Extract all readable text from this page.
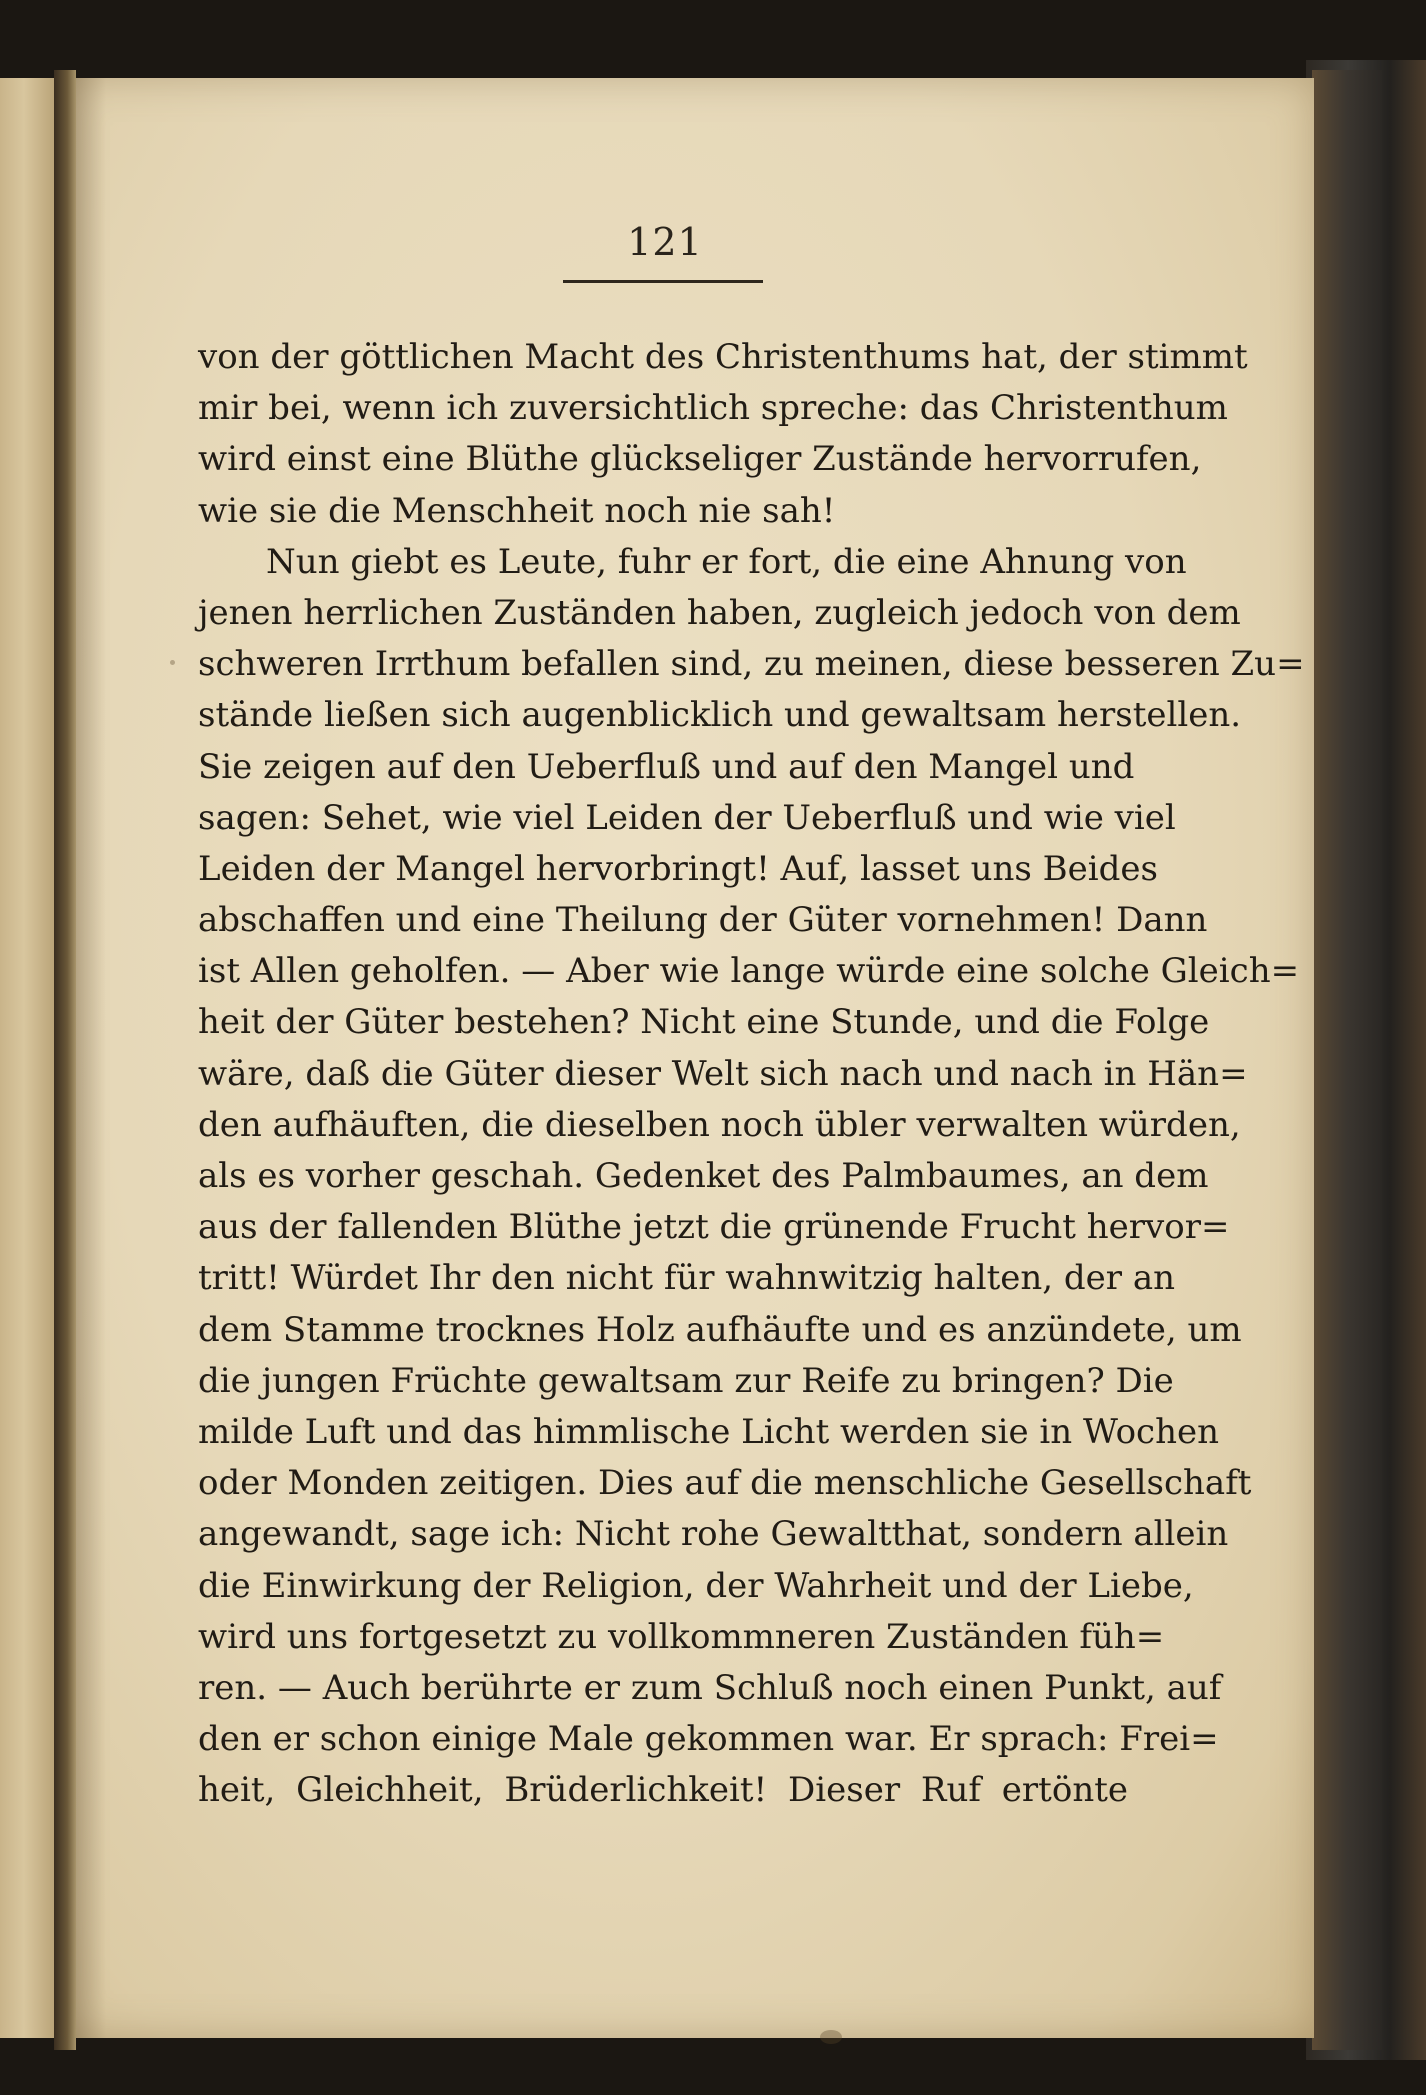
121
von der göttlichen Macht des Christenthums hat, der stimmt
mir bei, wenn ich zuversichtlich spreche: das Christenthum
wird einst eine Blüthe glückseliger Zustände hervorrufen,
wie sie die Menschheit noch nie sah!
Nun giebt es Leute, fuhr er fort, die eine Ahnung von
jenen herrlichen Zuständen haben, zugleich jedoch von dem
schweren Irrthum befallen sind, zu meinen, diese besseren Zu=
stände ließen sich augenblicklich und gewaltsam herstellen.
Sie zeigen auf den Ueberfluß und auf den Mangel und
sagen: Sehet, wie viel Leiden der Ueberfluß und wie viel
Leiden der Mangel hervorbringt! Auf, lasset uns Beides
abschaffen und eine Theilung der Güter vornehmen! Dann
ist Allen geholfen. — Aber wie lange würde eine solche Gleich=
heit der Güter bestehen? Nicht eine Stunde, und die Folge
wäre, daß die Güter dieser Welt sich nach und nach in Hän=
den aufhäuften, die dieselben noch übler verwalten würden,
als es vorher geschah. Gedenket des Palmbaumes, an dem
aus der fallenden Blüthe jetzt die grünende Frucht hervor=
tritt! Würdet Ihr den nicht für wahnwitzig halten, der an
dem Stamme trocknes Holz aufhäufte und es anzündete, um
die jungen Früchte gewaltsam zur Reife zu bringen? Die
milde Luft und das himmlische Licht werden sie in Wochen
oder Monden zeitigen. Dies auf die menschliche Gesellschaft
angewandt, sage ich: Nicht rohe Gewaltthat, sondern allein
die Einwirkung der Religion, der Wahrheit und der Liebe,
wird uns fortgesetzt zu vollkommneren Zuständen füh=
ren. — Auch berührte er zum Schluß noch einen Punkt, auf
den er schon einige Male gekommen war. Er sprach: Frei=
heit, Gleichheit, Brüderlichkeit! Dieser Ruf ertönte
